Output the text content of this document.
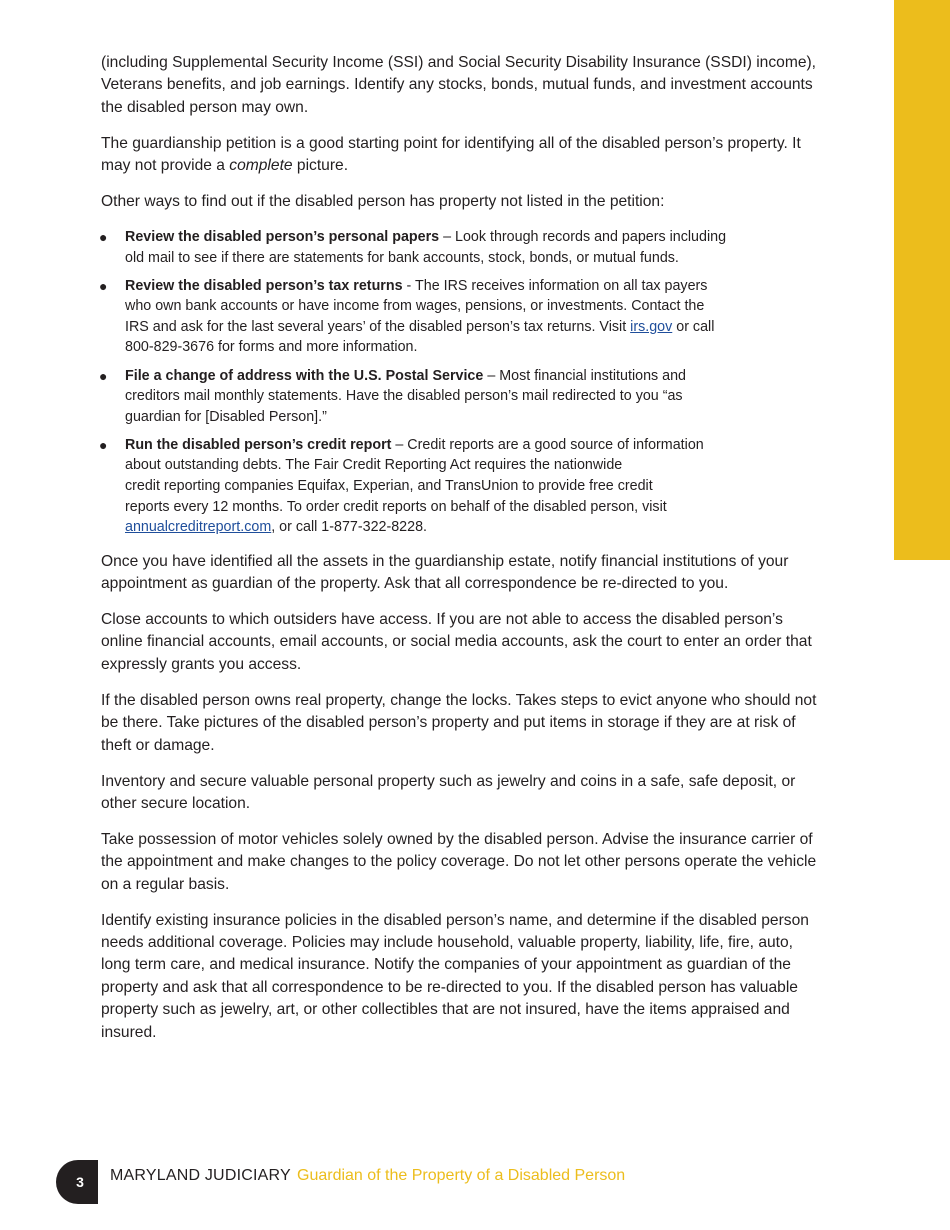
(including Supplemental Security Income (SSI) and Social Security Disability Insurance (SSDI) income), Veterans benefits, and job earnings. Identify any stocks, bonds, mutual funds, and investment accounts the disabled person may own.

The guardianship petition is a good starting point for identifying all of the disabled person’s property. It may not provide a complete picture.

Other ways to find out if the disabled person has property not listed in the petition:

● Review the disabled person’s personal papers – Look through records and papers including
old mail to see if there are statements for bank accounts, stock, bonds, or mutual funds.
● Review the disabled person’s tax returns - The IRS receives information on all tax payers
who own bank accounts or have income from wages, pensions, or investments. Contact the
IRS and ask for the last several years’ of the disabled person’s tax returns. Visit irs.gov or call
800-829-3676 for forms and more information.
● File a change of address with the U.S. Postal Service – Most financial institutions and
creditors mail monthly statements. Have the disabled person’s mail redirected to you “as
guardian for [Disabled Person].”
● Run the disabled person’s credit report – Credit reports are a good source of information
about outstanding debts. The Fair Credit Reporting Act requires the nationwide
credit reporting companies Equifax, Experian, and TransUnion to provide free credit
reports every 12 months. To order credit reports on behalf of the disabled person, visit
annualcreditreport.com, or call 1-877-322-8228.

Once you have identified all the assets in the guardianship estate, notify financial institutions of your appointment as guardian of the property. Ask that all correspondence be re-directed to you.

Close accounts to which outsiders have access. If you are not able to access the disabled person’s online financial accounts, email accounts, or social media accounts, ask the court to enter an order that expressly grants you access.

If the disabled person owns real property, change the locks. Takes steps to evict anyone who should not be there. Take pictures of the disabled person’s property and put items in storage if they are at risk of theft or damage.

Inventory and secure valuable personal property such as jewelry and coins in a safe, safe deposit, or other secure location.

Take possession of motor vehicles solely owned by the disabled person. Advise the insurance carrier of the appointment and make changes to the policy coverage. Do not let other persons operate the vehicle on a regular basis.

Identify existing insurance policies in the disabled person’s name, and determine if the disabled person needs additional coverage. Policies may include household, valuable property, liability, life, fire, auto, long term care, and medical insurance. Notify the companies of your appointment as guardian of the property and ask that all correspondence to be re-directed to you. If the disabled person has valuable property such as jewelry, art, or other collectibles that are not insured, have the items appraised and insured.

3	MARYLAND JUDICIARY Guardian of the Property of a Disabled Person
